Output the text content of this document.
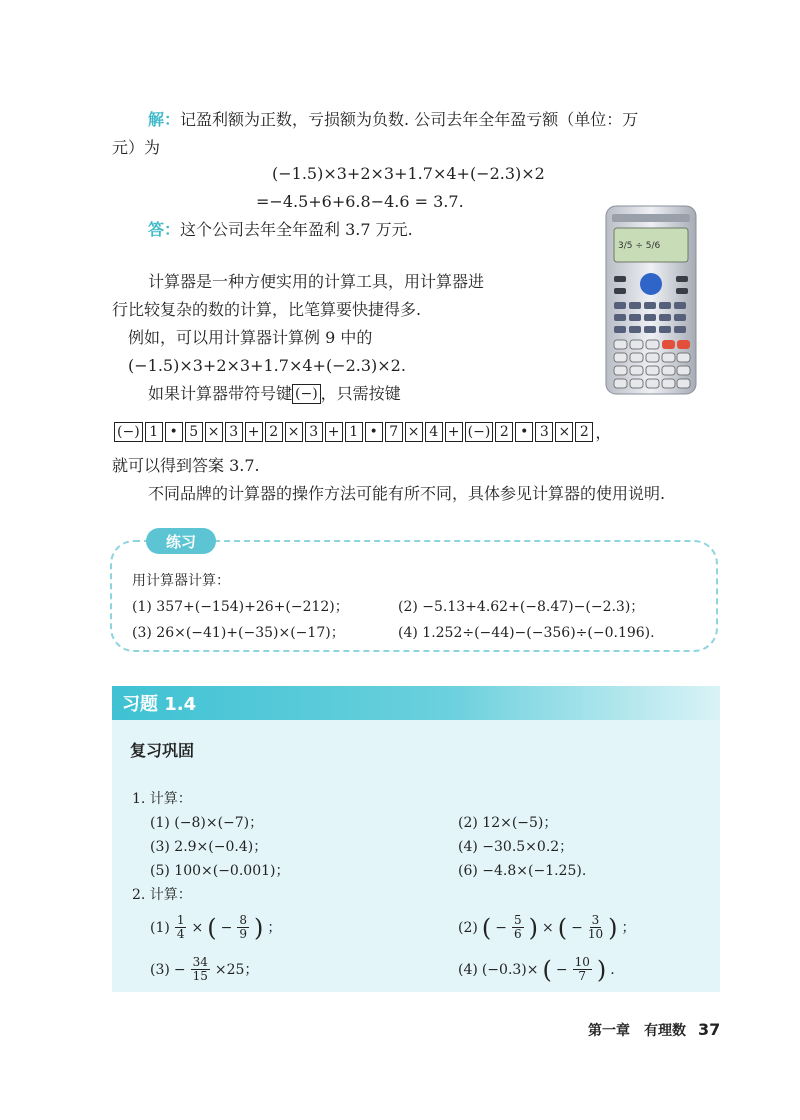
解：记盈利额为正数，亏损额为负数. 公司去年全年盈亏额（单位：万
元）为
(−1.5)×3+2×3+1.7×4+(−2.3)×2
=−4.5+6+6.8−4.6 = 3.7.
答：这个公司去年全年盈利 3.7 万元.
3/5 ÷ 5/6
计算器是一种方便实用的计算工具，用计算器进
行比较复杂的数的计算，比笔算要快捷得多.
例如，可以用计算器计算例 9 中的
(−1.5)×3+2×3+1.7×4+(−2.3)×2.
如果计算器带符号键 (−) ，只需按键
(−) 1 • 5 × 3 + 2 × 3 + 1 • 7 × 4 + (−) 2 • 3 × 2 ，
就可以得到答案 3.7.
不同品牌的计算器的操作方法可能有所不同，具体参见计算器的使用说明.
练习
用计算器计算：
(1) 357+(−154)+26+(−212)；	(2) −5.13+4.62+(−8.47)−(−2.3)；
(3) 26×(−41)+(−35)×(−17)；	(4) 1.252÷(−44)−(−356)÷(−0.196).
习题 1.4
复习巩固
1. 计算：
(1) (−8)×(−7)；	(2) 12×(−5)；
(3) 2.9×(−0.4)；	(4) −30.5×0.2；
(5) 100×(−0.001)；	(6) −4.8×(−1.25).
2. 计算：
$(1) \frac{1}{4}$ × ( − $\frac{8}{9}$ ) ；	(2) ( − $\frac{5}{6}$ ) × ( − $\frac{3}{10}$ ) ；
$(3) - \frac{34}{15} \times 25$；	(4) (−0.3)× ( − $\frac{10}{7}$ ) .
第一章　有理数 37
